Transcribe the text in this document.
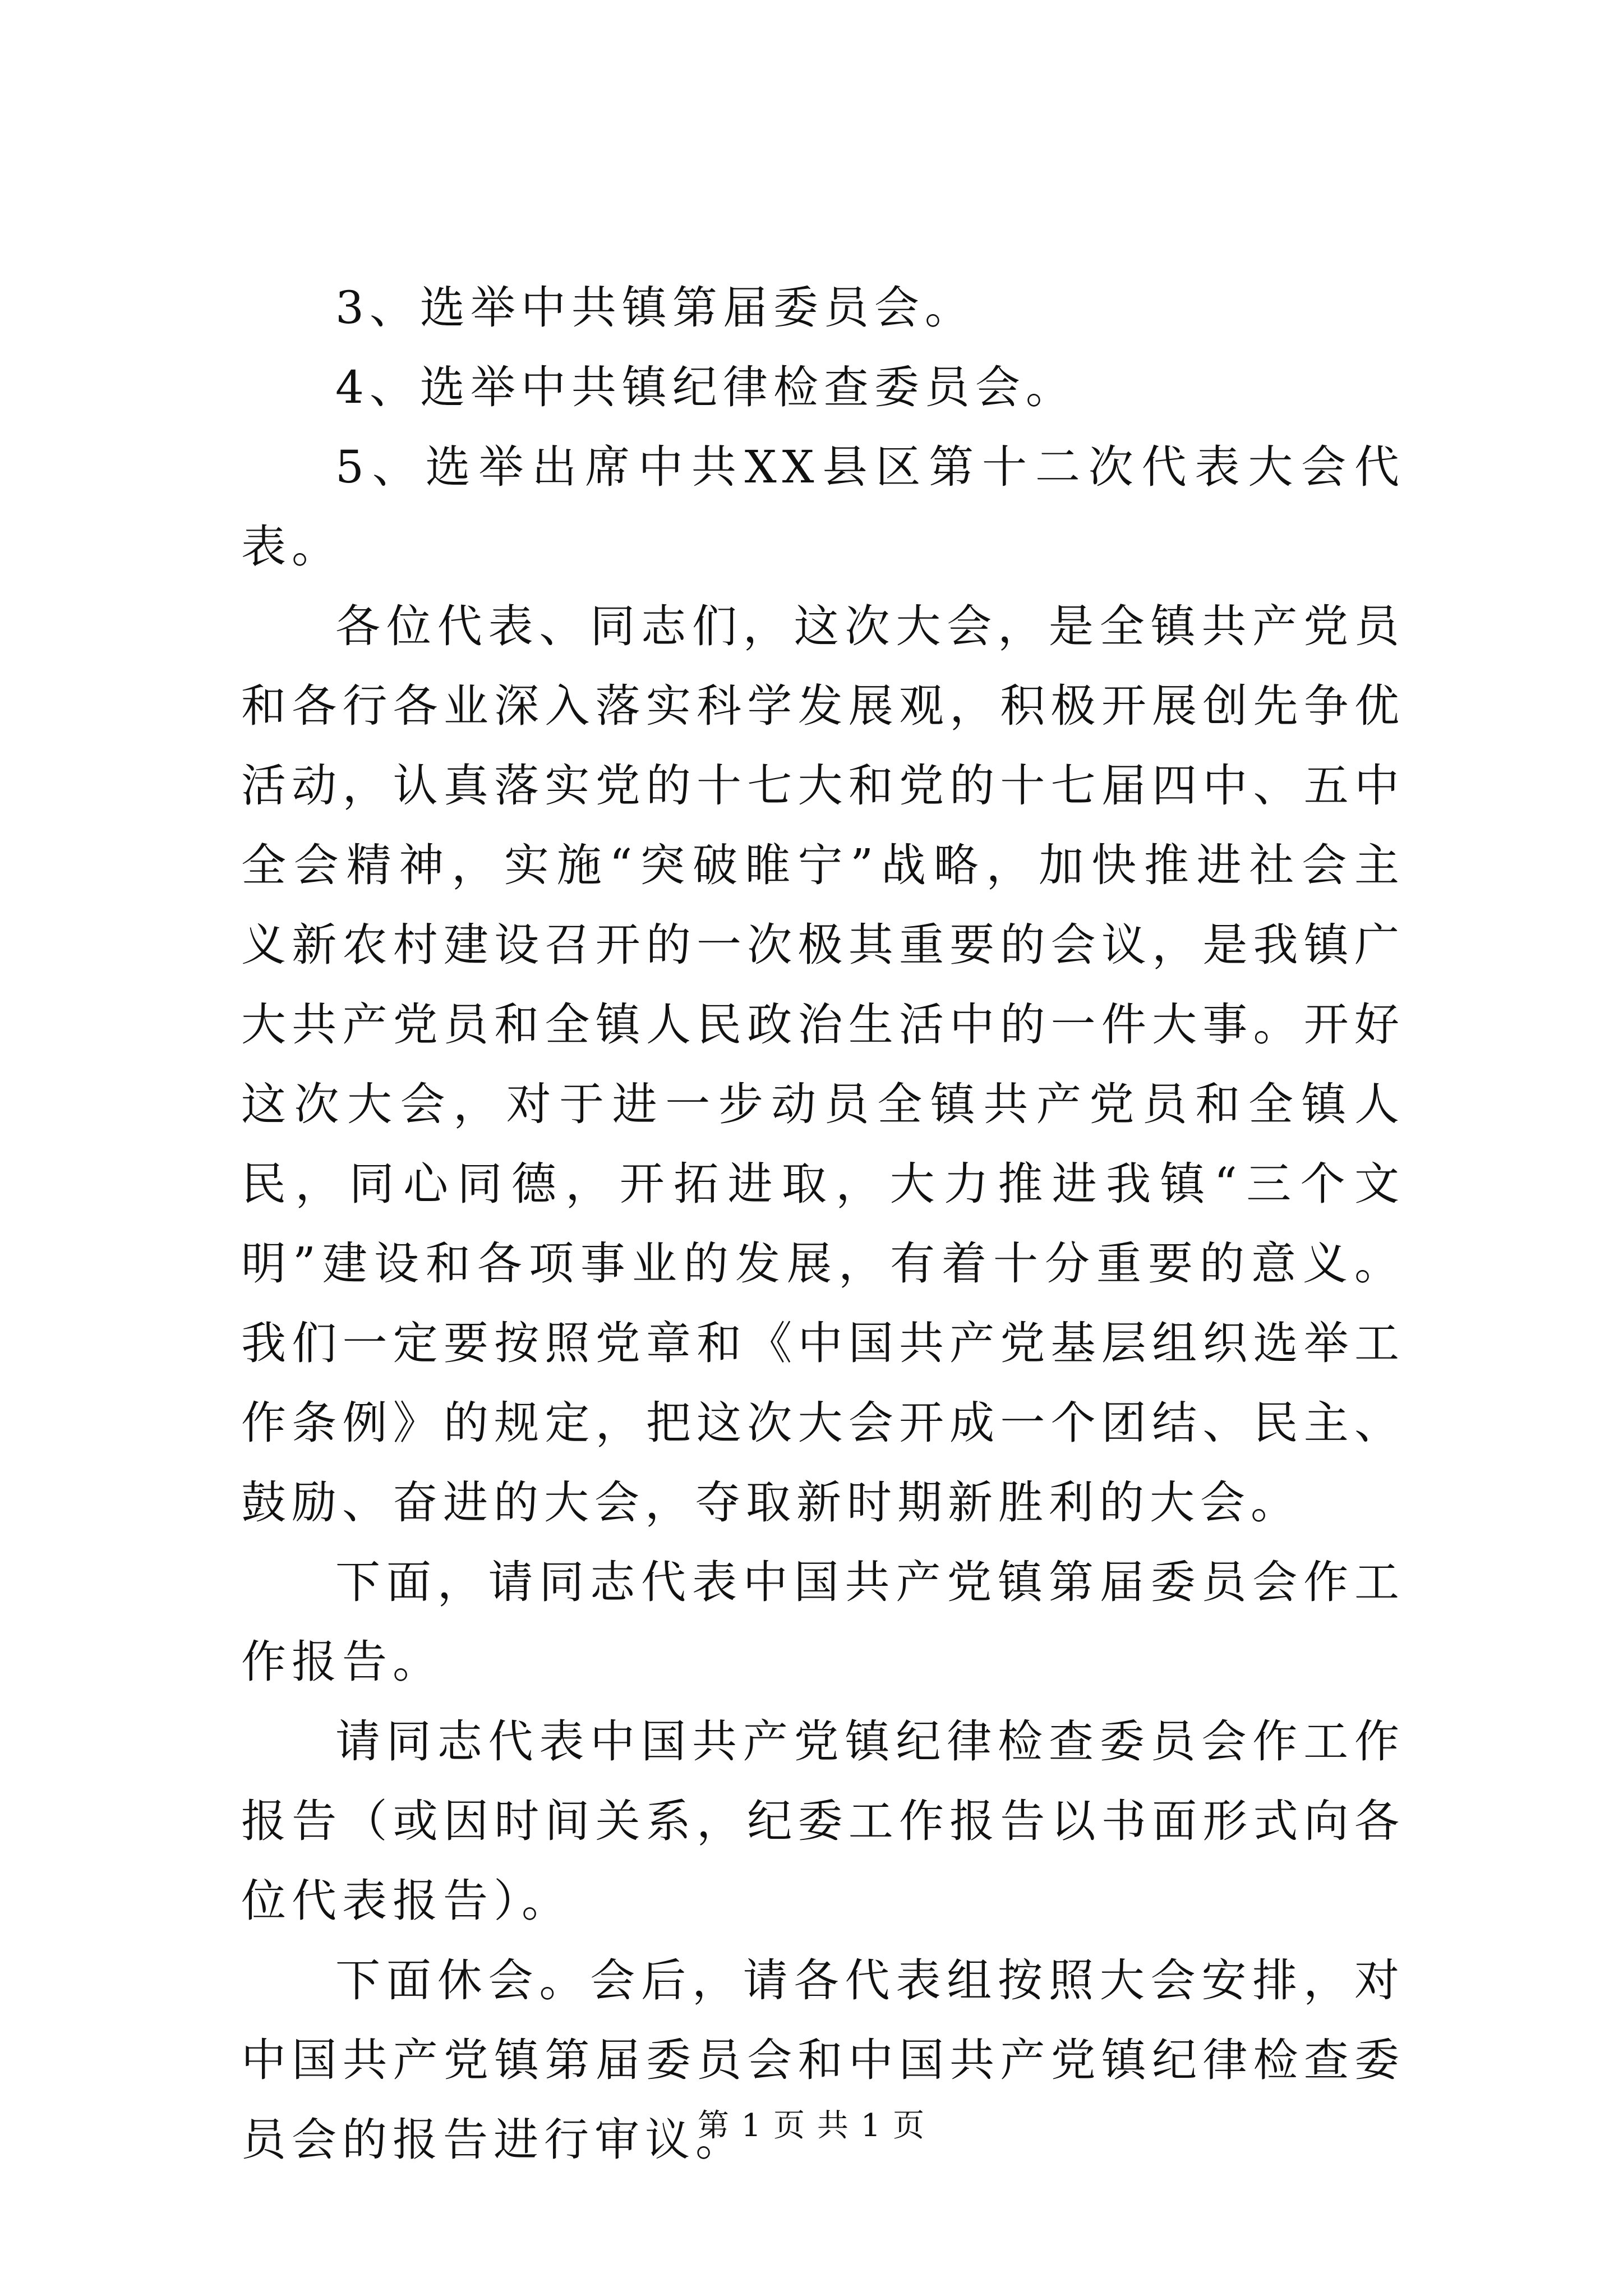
3、选举中共镇第届委员会。

4、选举中共镇纪律检查委员会。

5、选举出席中共XX县区第十二次代表大会代表。

各位代表、同志们，这次大会，是全镇共产党员和各行各业深入落实科学发展观，积极开展创先争优活动，认真落实党的十七大和党的十七届四中、五中全会精神，实施“突破睢宁”战略，加快推进社会主义新农村建设召开的一次极其重要的会议，是我镇广大共产党员和全镇人民政治生活中的一件大事。开好这次大会，对于进一步动员全镇共产党员和全镇人民，同心同德，开拓进取，大力推进我镇“三个文明”建设和各项事业的发展，有着十分重要的意义。我们一定要按照党章和《中国共产党基层组织选举工作条例》的规定，把这次大会开成一个团结、民主、鼓励、奋进的大会，夺取新时期新胜利的大会。

下面，请同志代表中国共产党镇第届委员会作工作报告。

请同志代表中国共产党镇纪律检查委员会作工作报告（或因时间关系，纪委工作报告以书面形式向各位代表报告）。

下面休会。会后，请各代表组按照大会安排，对中国共产党镇第届委员会和中国共产党镇纪律检查委员会的报告进行审议。

第 1 页 共 1 页
